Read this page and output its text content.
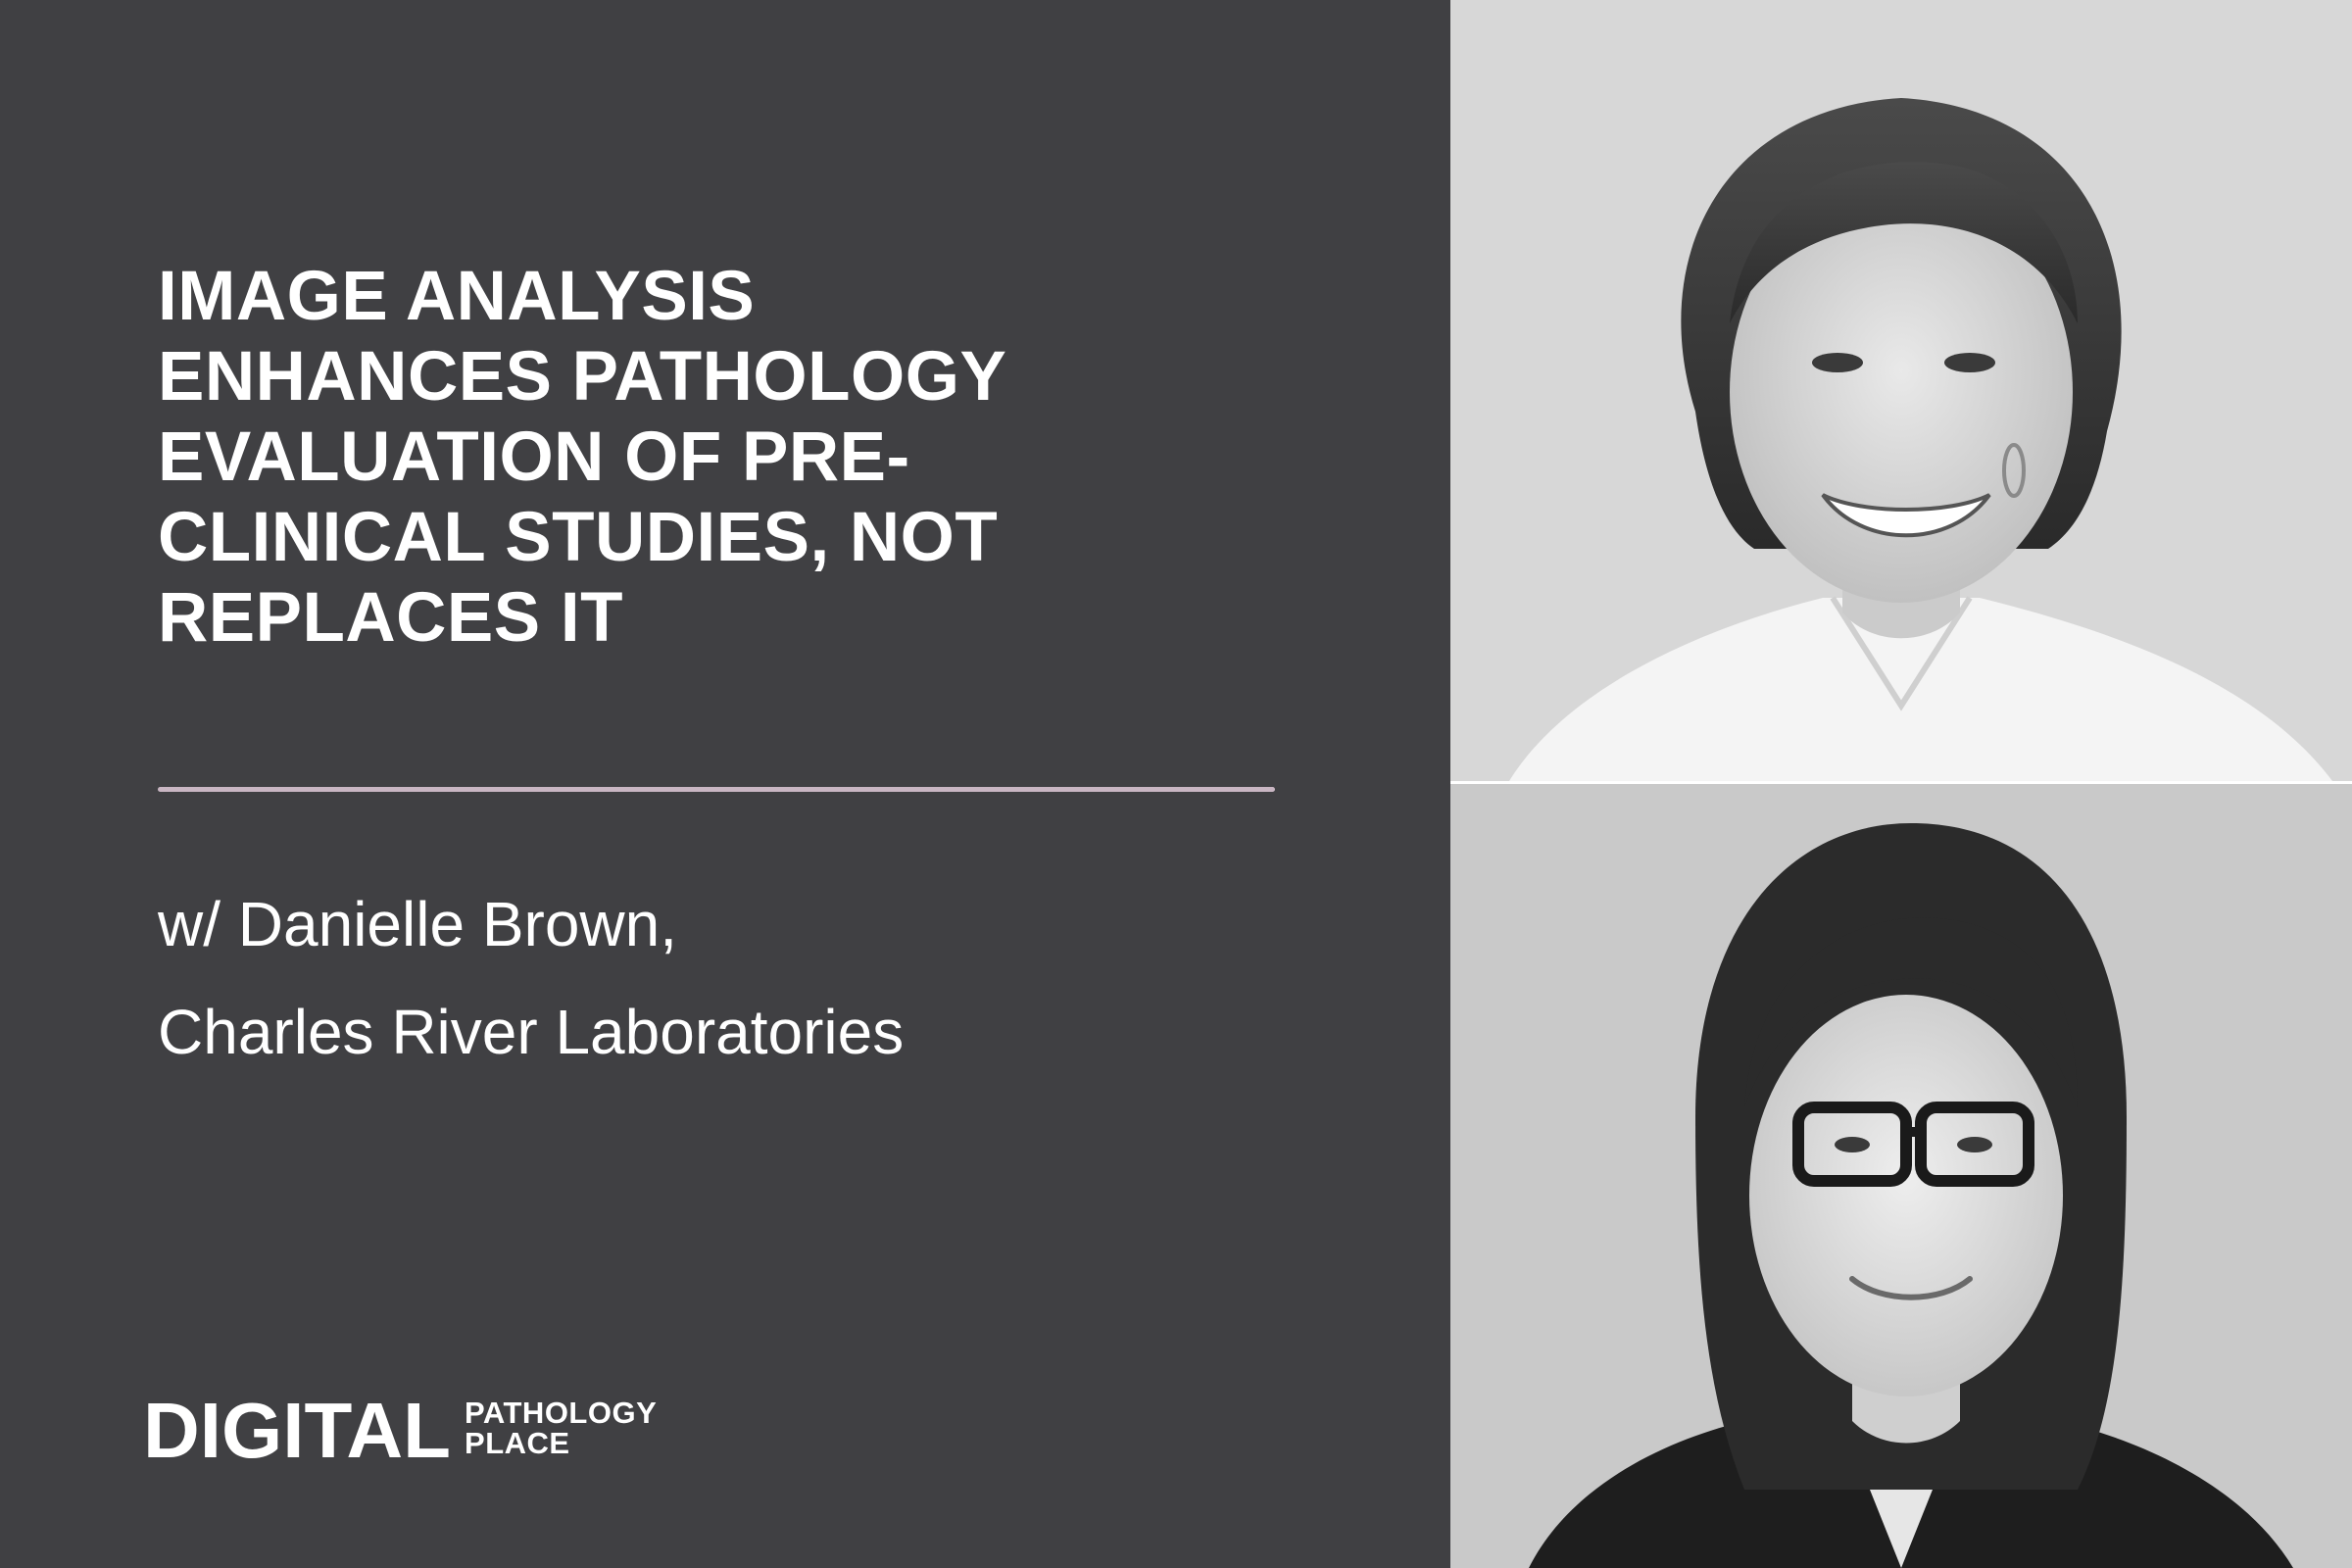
IMAGE ANALYSIS
ENHANCES PATHOLOGY
EVALUATION OF PRE-
CLINICAL STUDIES, NOT
REPLACES IT
w/ Danielle Brown,
Charles River Laboratories
DIGITAL PATHOLOGY
PLACE
